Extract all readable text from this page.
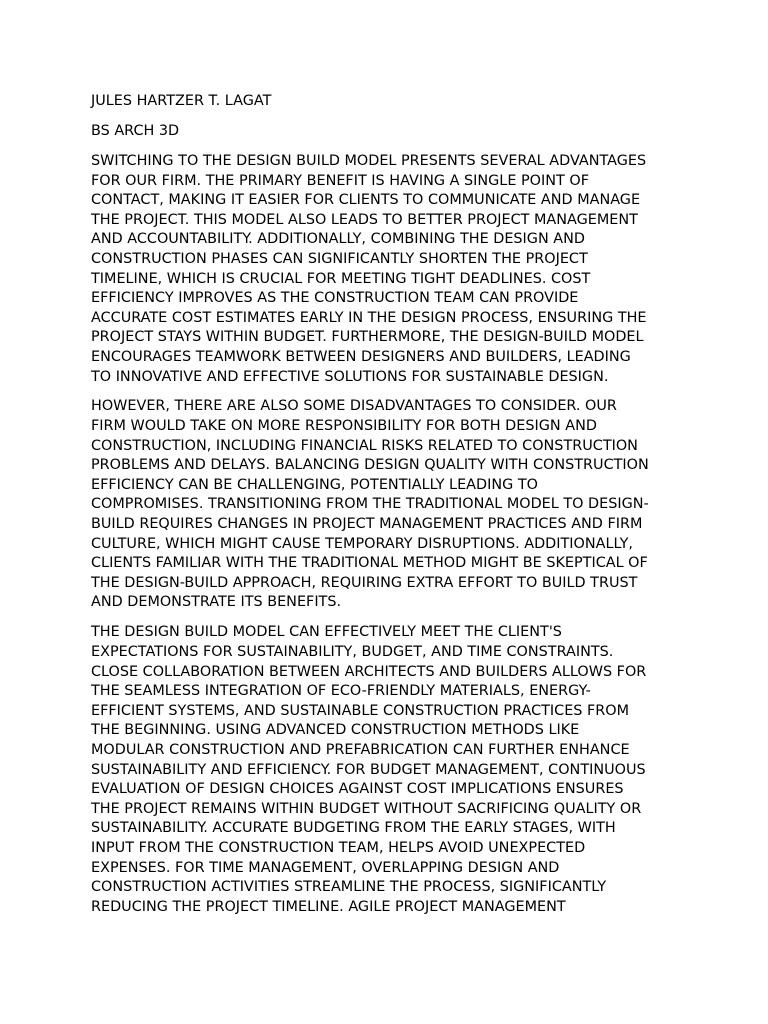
JULES HARTZER T. LAGAT
BS ARCH 3D
SWITCHING TO THE DESIGN BUILD MODEL PRESENTS SEVERAL ADVANTAGES
FOR OUR FIRM. THE PRIMARY BENEFIT IS HAVING A SINGLE POINT OF
CONTACT, MAKING IT EASIER FOR CLIENTS TO COMMUNICATE AND MANAGE
THE PROJECT. THIS MODEL ALSO LEADS TO BETTER PROJECT MANAGEMENT
AND ACCOUNTABILITY. ADDITIONALLY, COMBINING THE DESIGN AND
CONSTRUCTION PHASES CAN SIGNIFICANTLY SHORTEN THE PROJECT
TIMELINE, WHICH IS CRUCIAL FOR MEETING TIGHT DEADLINES. COST
EFFICIENCY IMPROVES AS THE CONSTRUCTION TEAM CAN PROVIDE
ACCURATE COST ESTIMATES EARLY IN THE DESIGN PROCESS, ENSURING THE
PROJECT STAYS WITHIN BUDGET. FURTHERMORE, THE DESIGN-BUILD MODEL
ENCOURAGES TEAMWORK BETWEEN DESIGNERS AND BUILDERS, LEADING
TO INNOVATIVE AND EFFECTIVE SOLUTIONS FOR SUSTAINABLE DESIGN.
HOWEVER, THERE ARE ALSO SOME DISADVANTAGES TO CONSIDER. OUR
FIRM WOULD TAKE ON MORE RESPONSIBILITY FOR BOTH DESIGN AND
CONSTRUCTION, INCLUDING FINANCIAL RISKS RELATED TO CONSTRUCTION
PROBLEMS AND DELAYS. BALANCING DESIGN QUALITY WITH CONSTRUCTION
EFFICIENCY CAN BE CHALLENGING, POTENTIALLY LEADING TO
COMPROMISES. TRANSITIONING FROM THE TRADITIONAL MODEL TO DESIGN-
BUILD REQUIRES CHANGES IN PROJECT MANAGEMENT PRACTICES AND FIRM
CULTURE, WHICH MIGHT CAUSE TEMPORARY DISRUPTIONS. ADDITIONALLY,
CLIENTS FAMILIAR WITH THE TRADITIONAL METHOD MIGHT BE SKEPTICAL OF
THE DESIGN-BUILD APPROACH, REQUIRING EXTRA EFFORT TO BUILD TRUST
AND DEMONSTRATE ITS BENEFITS.
THE DESIGN BUILD MODEL CAN EFFECTIVELY MEET THE CLIENT'S
EXPECTATIONS FOR SUSTAINABILITY, BUDGET, AND TIME CONSTRAINTS.
CLOSE COLLABORATION BETWEEN ARCHITECTS AND BUILDERS ALLOWS FOR
THE SEAMLESS INTEGRATION OF ECO-FRIENDLY MATERIALS, ENERGY-
EFFICIENT SYSTEMS, AND SUSTAINABLE CONSTRUCTION PRACTICES FROM
THE BEGINNING. USING ADVANCED CONSTRUCTION METHODS LIKE
MODULAR CONSTRUCTION AND PREFABRICATION CAN FURTHER ENHANCE
SUSTAINABILITY AND EFFICIENCY. FOR BUDGET MANAGEMENT, CONTINUOUS
EVALUATION OF DESIGN CHOICES AGAINST COST IMPLICATIONS ENSURES
THE PROJECT REMAINS WITHIN BUDGET WITHOUT SACRIFICING QUALITY OR
SUSTAINABILITY. ACCURATE BUDGETING FROM THE EARLY STAGES, WITH
INPUT FROM THE CONSTRUCTION TEAM, HELPS AVOID UNEXPECTED
EXPENSES. FOR TIME MANAGEMENT, OVERLAPPING DESIGN AND
CONSTRUCTION ACTIVITIES STREAMLINE THE PROCESS, SIGNIFICANTLY
REDUCING THE PROJECT TIMELINE. AGILE PROJECT MANAGEMENT
